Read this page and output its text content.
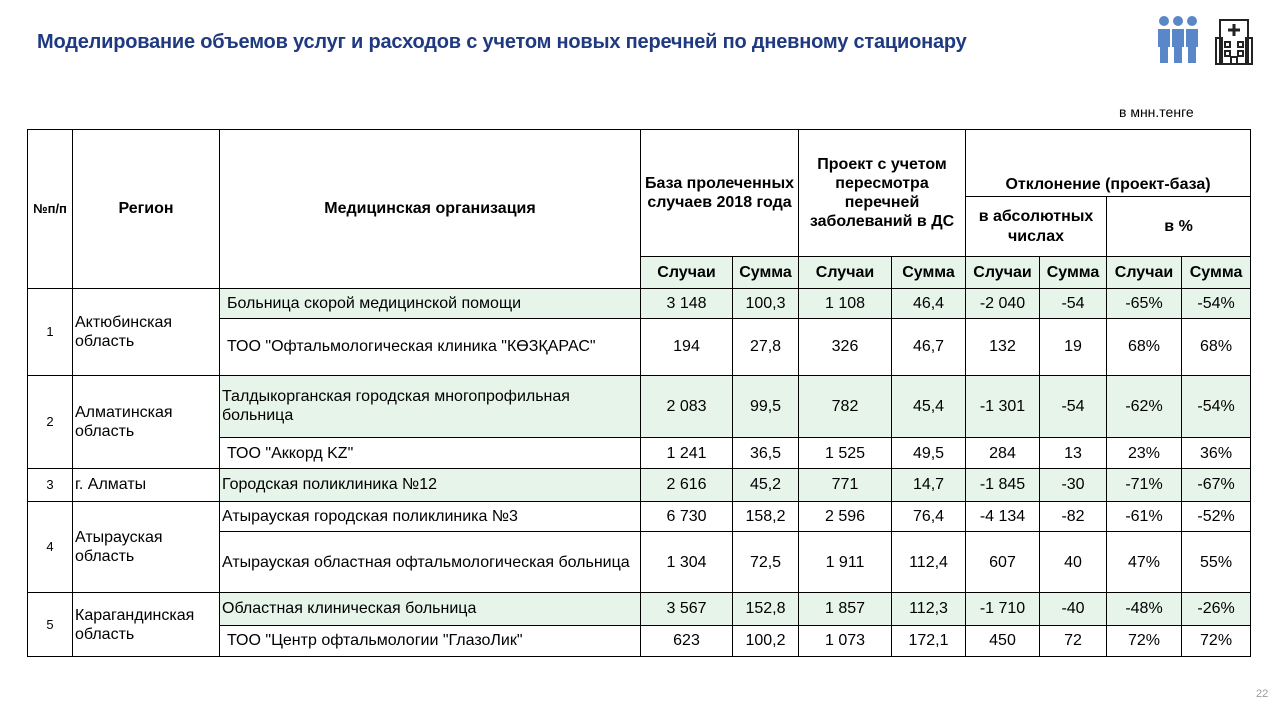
Моделирование объемов услуг и расходов с учетом новых перечней по дневному стационару
в мнн.тенге
№п/п	Регион	Медицинская организация	База пролеченных случаев 2018 года		Проект с учетом пересмотра перечней заболеваний в ДС		Отклонение (проект-база)			
							в абсолютных числах		в %	
			Случаи	Сумма	Случаи	Сумма	Случаи	Сумма	Случаи	Сумма
1	Актюбинская область	Больница скорой медицинской помощи	3 148	100,3	1 108	46,4	-2 040	-54	-65%	-54%
		ТОО "Офтальмологическая клиника "КӨЗҚАРАС"	194	27,8	326	46,7	132	19	68%	68%
2	Алматинская область	Талдыкорганская городская многопрофильная больница	2 083	99,5	782	45,4	-1 301	-54	-62%	-54%
		ТОО "Аккорд KZ"	1 241	36,5	1 525	49,5	284	13	23%	36%
3	г. Алматы	Городская поликлиника №12	2 616	45,2	771	14,7	-1 845	-30	-71%	-67%
4	Атырауская область	Атырауская городская поликлиника №3	6 730	158,2	2 596	76,4	-4 134	-82	-61%	-52%
		Атырауская областная офтальмологическая больница	1 304	72,5	1 911	112,4	607	40	47%	55%
5	Карагандинская область	Областная клиническая больница	3 567	152,8	1 857	112,3	-1 710	-40	-48%	-26%
		ТОО "Центр офтальмологии "ГлазоЛик"	623	100,2	1 073	172,1	450	72	72%	72%
22
